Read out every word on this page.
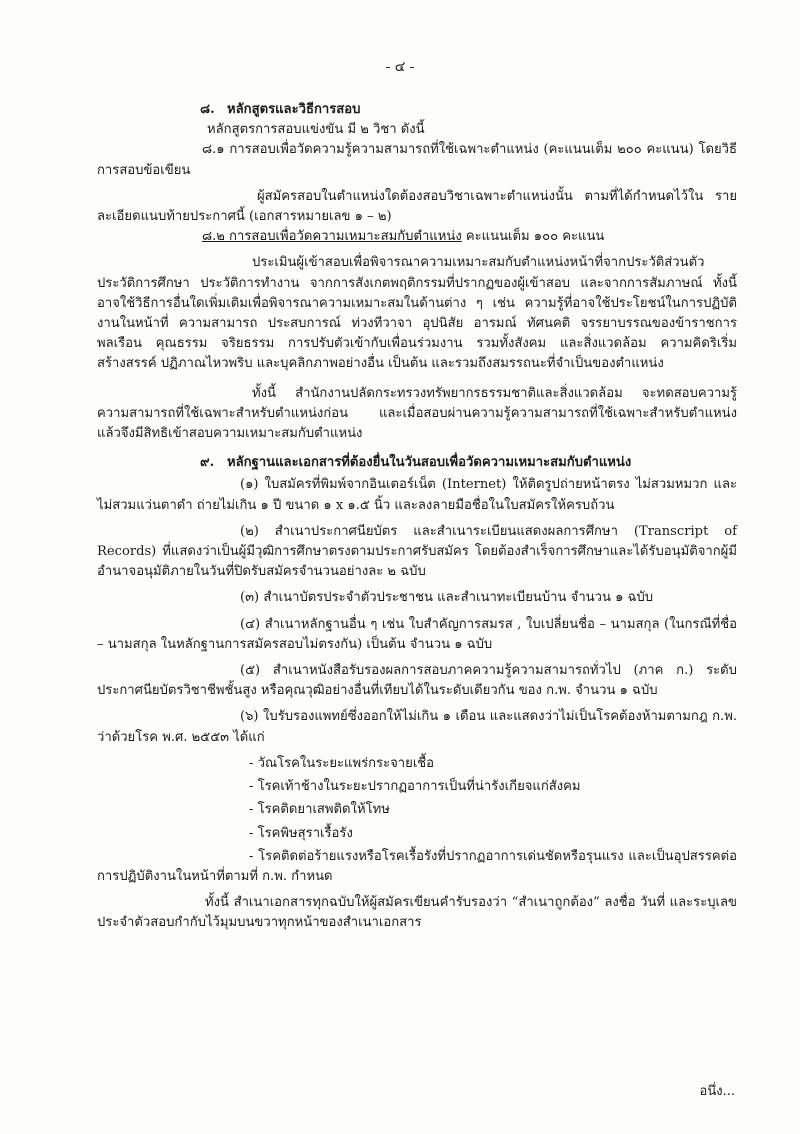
- ๔ -

๘. หลักสูตรและวิธีการสอบ

หลักสูตรการสอบแข่งขัน มี ๒ วิชา ดังนี้

๘.๑ การสอบเพื่อวัดความรู้ความสามารถที่ใช้เฉพาะตำแหน่ง (คะแนนเต็ม ๒๐๐ คะแนน) โดยวิธีการสอบข้อเขียน

ผู้สมัครสอบในตำแหน่งใดต้องสอบวิชาเฉพาะตำแหน่งนั้น ตามที่ได้กำหนดไว้ใน รายละเอียดแนบท้ายประกาศนี้ (เอกสารหมายเลข ๑ – ๒)

๘.๒ การสอบเพื่อวัดความเหมาะสมกับตำแหน่ง คะแนนเต็ม ๑๐๐ คะแนน

ประเมินผู้เข้าสอบเพื่อพิจารณาความเหมาะสมกับตำแหน่งหน้าที่จากประวัติส่วนตัว ประวัติการศึกษา ประวัติการทำงาน จากการสังเกตพฤติกรรมที่ปรากฏของผู้เข้าสอบ และจากการสัมภาษณ์ ทั้งนี้ อาจใช้วิธีการอื่นใดเพิ่มเติมเพื่อพิจารณาความเหมาะสมในด้านต่าง ๆ เช่น ความรู้ที่อาจใช้ประโยชน์ในการปฏิบัติงานในหน้าที่ ความสามารถ ประสบการณ์ ท่วงทีวาจา อุปนิสัย อารมณ์ ทัศนคติ จรรยาบรรณของข้าราชการพลเรือน คุณธรรม จริยธรรม การปรับตัวเข้ากับเพื่อนร่วมงาน รวมทั้งสังคม และสิ่งแวดล้อม ความคิดริเริ่มสร้างสรรค์ ปฏิภาณไหวพริบ และบุคลิกภาพอย่างอื่น เป็นต้น และรวมถึงสมรรถนะที่จำเป็นของตำแหน่ง

ทั้งนี้ สำนักงานปลัดกระทรวงทรัพยากรธรรมชาติและสิ่งแวดล้อม จะทดสอบความรู้ความสามารถที่ใช้เฉพาะสำหรับตำแหน่งก่อน และเมื่อสอบผ่านความรู้ความสามารถที่ใช้เฉพาะสำหรับตำแหน่ง แล้วจึงมีสิทธิเข้าสอบความเหมาะสมกับตำแหน่ง

๙. หลักฐานและเอกสารที่ต้องยื่นในวันสอบเพื่อวัดความเหมาะสมกับตำแหน่ง

(๑) ใบสมัครที่พิมพ์จากอินเตอร์เน็ต (Internet) ให้ติดรูปถ่ายหน้าตรง ไม่สวมหมวก และไม่สวมแว่นตาดำ ถ่ายไม่เกิน ๑ ปี ขนาด ๑ x ๑.๕ นิ้ว และลงลายมือชื่อในใบสมัครให้ครบถ้วน

(๒) สำเนาประกาศนียบัตร และสำเนาระเบียนแสดงผลการศึกษา (Transcript of Records) ที่แสดงว่าเป็นผู้มีวุฒิการศึกษาตรงตามประกาศรับสมัคร โดยต้องสำเร็จการศึกษาและได้รับอนุมัติจากผู้มีอำนาจอนุมัติภายในวันที่ปิดรับสมัครจำนวนอย่างละ ๒ ฉบับ

(๓) สำเนาบัตรประจำตัวประชาชน และสำเนาทะเบียนบ้าน จำนวน ๑ ฉบับ

(๔) สำเนาหลักฐานอื่น ๆ เช่น ใบสำคัญการสมรส , ใบเปลี่ยนชื่อ – นามสกุล (ในกรณีที่ชื่อ – นามสกุล ในหลักฐานการสมัครสอบไม่ตรงกัน) เป็นต้น จำนวน ๑ ฉบับ

(๕) สำเนาหนังสือรับรองผลการสอบภาคความรู้ความสามารถทั่วไป (ภาค ก.) ระดับประกาศนียบัตรวิชาชีพชั้นสูง หรือคุณวุฒิอย่างอื่นที่เทียบได้ในระดับเดียวกัน ของ ก.พ. จำนวน ๑ ฉบับ

(๖) ใบรับรองแพทย์ซึ่งออกให้ไม่เกิน ๑ เดือน และแสดงว่าไม่เป็นโรคต้องห้ามตามกฎ ก.พ. ว่าด้วยโรค พ.ศ. ๒๕๕๓ ได้แก่

- วัณโรคในระยะแพร่กระจายเชื้อ

- โรคเท้าช้างในระยะปรากฏอาการเป็นที่น่ารังเกียจแก่สังคม

- โรคติดยาเสพติดให้โทษ

- โรคพิษสุราเรื้อรัง

- โรคติดต่อร้ายแรงหรือโรคเรื้อรังที่ปรากฏอาการเด่นชัดหรือรุนแรง และเป็นอุปสรรคต่อการปฏิบัติงานในหน้าที่ตามที่ ก.พ. กำหนด

ทั้งนี้ สำเนาเอกสารทุกฉบับให้ผู้สมัครเขียนคำรับรองว่า “สำเนาถูกต้อง” ลงชื่อ วันที่ และระบุเลขประจำตัวสอบกำกับไว้มุมบนขวาทุกหน้าของสำเนาเอกสาร

อนึ่ง...
